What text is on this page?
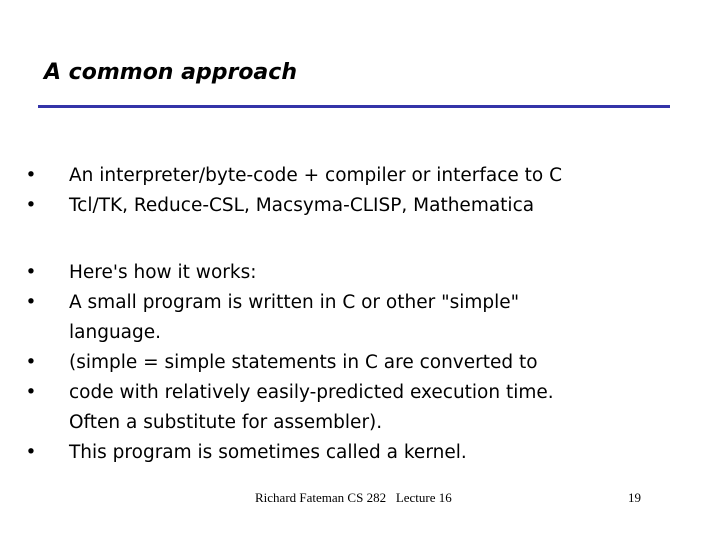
A common approach
• An interpreter/byte-code + compiler or interface to C
• Tcl/TK, Reduce-CSL, Macsyma-CLISP, Mathematica
• Here's how it works:
• A small program is written in C or other "simple"
language.
• (simple = simple statements in C are converted to
• code with relatively easily-predicted execution time.
Often a substitute for assembler).
• This program is sometimes called a kernel.
Richard Fateman CS 282   Lecture 16	19
